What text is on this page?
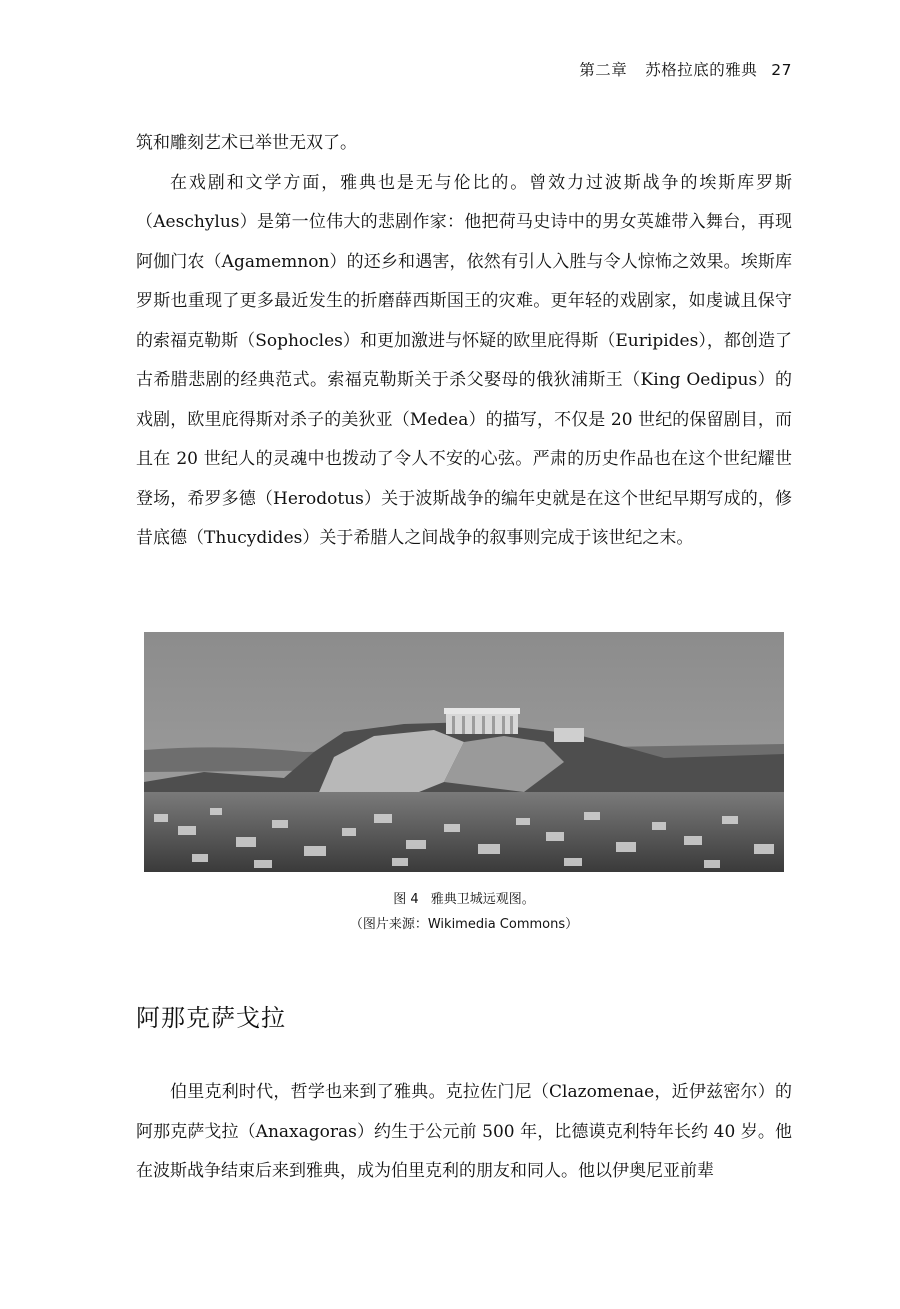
第二章 苏格拉底的雅典 27

筑和雕刻艺术已举世无双了。

在戏剧和文学方面，雅典也是无与伦比的。曾效力过波斯战争的埃斯库罗斯（Aeschylus）是第一位伟大的悲剧作家：他把荷马史诗中的男女英雄带入舞台，再现阿伽门农（Agamemnon）的还乡和遇害，依然有引人入胜与令人惊怖之效果。埃斯库罗斯也重现了更多最近发生的折磨薛西斯国王的灾难。更年轻的戏剧家，如虔诚且保守的索福克勒斯（Sophocles）和更加激进与怀疑的欧里庇得斯（Euripides），都创造了古希腊悲剧的经典范式。索福克勒斯关于杀父娶母的俄狄浦斯王（King Oedipus）的戏剧，欧里庇得斯对杀子的美狄亚（Medea）的描写，不仅是 20 世纪的保留剧目，而且在 20 世纪人的灵魂中也拨动了令人不安的心弦。严肃的历史作品也在这个世纪耀世登场，希罗多德（Herodotus）关于波斯战争的编年史就是在这个世纪早期写成的，修昔底德（Thucydides）关于希腊人之间战争的叙事则完成于该世纪之末。

图 4 雅典卫城远观图。
（图片来源：Wikimedia Commons）
阿那克萨戈拉

伯里克利时代，哲学也来到了雅典。克拉佐门尼（Clazomenae，近伊兹密尔）的阿那克萨戈拉（Anaxagoras）约生于公元前 500 年，比德谟克利特年长约 40 岁。他在波斯战争结束后来到雅典，成为伯里克利的朋友和同人。他以伊奥尼亚前辈
